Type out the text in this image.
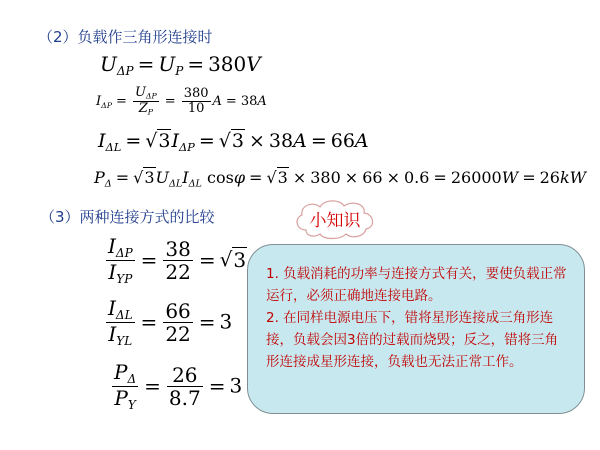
（2）负载作三角形连接时
$U_{\Delta P} = U_P = 380V$
$I_{\Delta P} = \frac{U_{\Delta P}}{Z_P} = \frac{380}{10}$ A = 38A
$I_{\Delta L} = √3I_{\Delta P} = √3 \times 38A = 66A$
$P_\Delta = √3U_{\Delta L}I_{\Delta L}$ cosφ = √3 × 380 × 66 × 0.6 = 26000W = 26kW
（3）两种连接方式的比较
$\frac{I_{\Delta P}}{I_{YP}} = \frac{38}{22} = √3$
$\frac{I_{\Delta L}}{I_{YL}} = \frac{66}{22} = 3$
$\frac{P_\Delta}{P_Y} = \frac{26}{8.7} = 3$
小知识

1. 负载消耗的功率与连接方式有关，要使负载正常运行，必须正确地连接电路。

2. 在同样电源电压下，错将星形连接成三角形连接，负载会因3倍的过载而烧毁；反之，错将三角形连接成星形连接，负载也无法正常工作。
